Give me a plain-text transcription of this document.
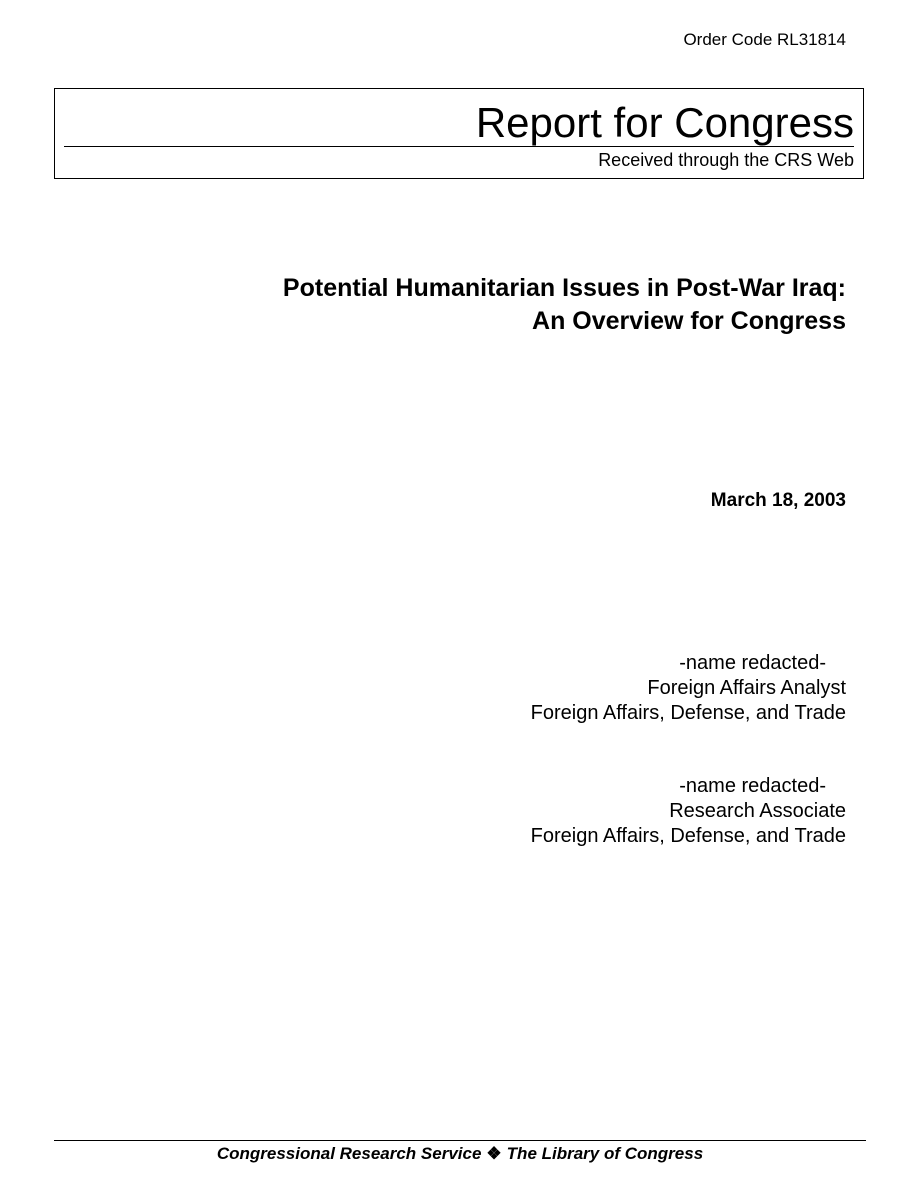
Order Code RL31814
Report for Congress
Received through the CRS Web
Potential Humanitarian Issues in Post-War Iraq:
An Overview for Congress
March 18, 2003
-name redacted-
Foreign Affairs Analyst
Foreign Affairs, Defense, and Trade
-name redacted-
Research Associate
Foreign Affairs, Defense, and Trade
Congressional Research Service ❖ The Library of Congress
